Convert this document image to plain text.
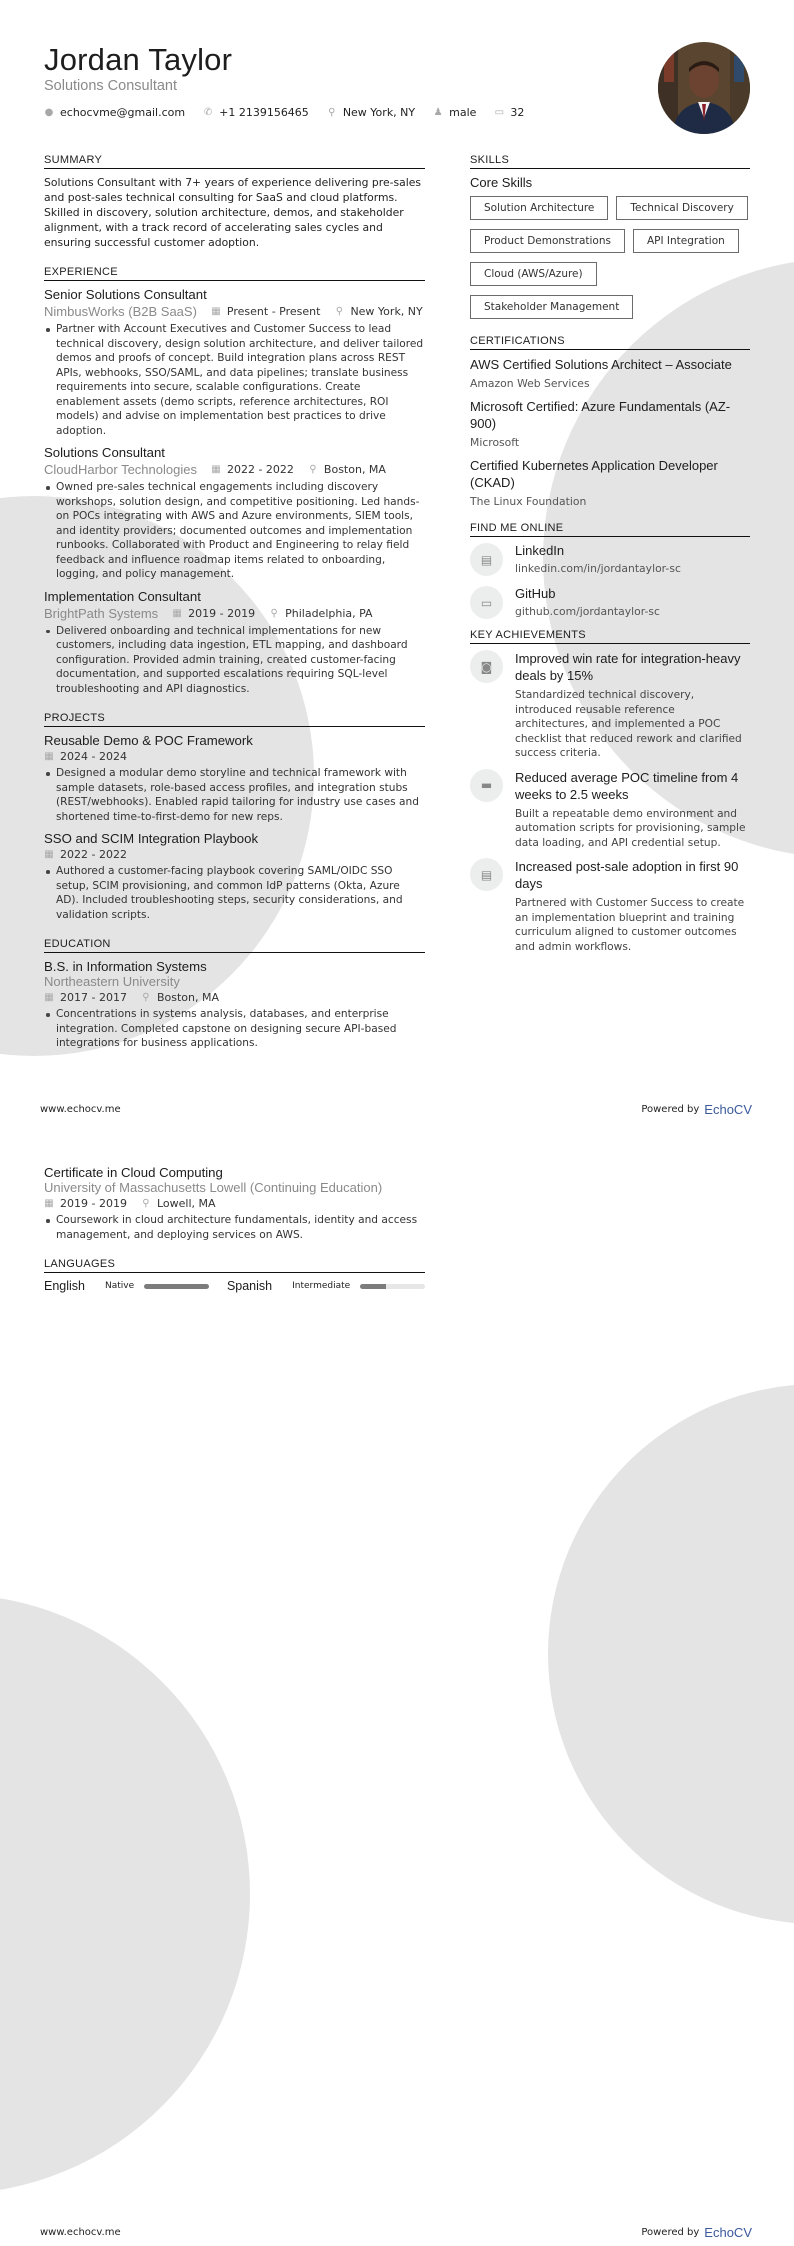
Jordan Taylor
Solutions Consultant
● echocvme@gmail.com ✆ +1 2139156465 ⚲ New York, NY ♟ male ▭ 32
SUMMARY

Solutions Consultant with 7+ years of experience delivering pre-sales and post-sales technical consulting for SaaS and cloud platforms. Skilled in discovery, solution architecture, demos, and stakeholder alignment, with a track record of accelerating sales cycles and ensuring successful customer adoption.

EXPERIENCE
Senior Solutions Consultant
NimbusWorks (B2B SaaS) ▦ Present - Present ⚲ New York, NY
Partner with Account Executives and Customer Success to lead technical discovery, design solution architecture, and deliver tailored demos and proofs of concept. Build integration plans across REST APIs, webhooks, SSO/SAML, and data pipelines; translate business requirements into secure, scalable configurations. Create enablement assets (demo scripts, reference architectures, ROI models) and advise on implementation best practices to drive adoption.
Solutions Consultant
CloudHarbor Technologies ▦ 2022 - 2022 ⚲ Boston, MA
Owned pre-sales technical engagements including discovery workshops, solution design, and competitive positioning. Led hands-on POCs integrating with AWS and Azure environments, SIEM tools, and identity providers; documented outcomes and implementation runbooks. Collaborated with Product and Engineering to relay field feedback and influence roadmap items related to onboarding, logging, and policy management.
Implementation Consultant
BrightPath Systems ▦ 2019 - 2019 ⚲ Philadelphia, PA
Delivered onboarding and technical implementations for new customers, including data ingestion, ETL mapping, and dashboard configuration. Provided admin training, created customer-facing documentation, and supported escalations requiring SQL-level troubleshooting and API diagnostics.
PROJECTS
Reusable Demo & POC Framework
▦ 2024 - 2024
Designed a modular demo storyline and technical framework with sample datasets, role-based access profiles, and integration stubs (REST/webhooks). Enabled rapid tailoring for industry use cases and shortened time-to-first-demo for new reps.
SSO and SCIM Integration Playbook
▦ 2022 - 2022
Authored a customer-facing playbook covering SAML/OIDC SSO setup, SCIM provisioning, and common IdP patterns (Okta, Azure AD). Included troubleshooting steps, security considerations, and validation scripts.
EDUCATION
B.S. in Information Systems
Northeastern University
▦ 2017 - 2017 ⚲ Boston, MA
Concentrations in systems analysis, databases, and enterprise integration. Completed capstone on designing secure API-based integrations for business applications.
SKILLS
Core Skills
Solution Architecture	Technical Discovery
Product Demonstrations	API Integration
Cloud (AWS/Azure)
Stakeholder Management
CERTIFICATIONS
AWS Certified Solutions Architect – Associate
Amazon Web Services
Microsoft Certified: Azure Fundamentals (AZ-900)
Microsoft
Certified Kubernetes Application Developer (CKAD)
The Linux Foundation
FIND ME ONLINE
▤
LinkedIn
linkedin.com/in/jordantaylor-sc
▭
GitHub
github.com/jordantaylor-sc
KEY ACHIEVEMENTS
◙
Improved win rate for integration-heavy deals by 15%
Standardized technical discovery, introduced reusable reference architectures, and implemented a POC checklist that reduced rework and clarified success criteria.
▬
Reduced average POC timeline from 4 weeks to 2.5 weeks
Built a repeatable demo environment and automation scripts for provisioning, sample data loading, and API credential setup.
▤
Increased post-sale adoption in first 90 days
Partnered with Customer Success to create an implementation blueprint and training curriculum aligned to customer outcomes and admin workflows.
www.echocv.me	Powered by EchoCV
Certificate in Cloud Computing
University of Massachusetts Lowell (Continuing Education)
▦ 2019 - 2019 ⚲ Lowell, MA
Coursework in cloud architecture fundamentals, identity and access management, and deploying services on AWS.
LANGUAGES
English Native	Spanish Intermediate
www.echocv.me	Powered by EchoCV
